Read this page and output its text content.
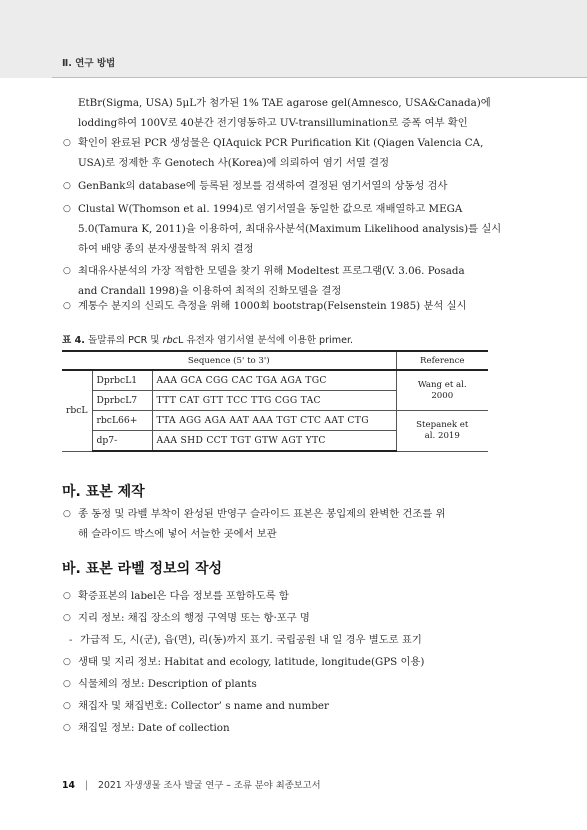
Ⅱ. 연구 방법
EtBr(Sigma, USA) 5μL가 첨가된 1% TAE agarose gel(Amnesco, USA&Canada)에
lodding하여 100V로 40분간 전기영동하고 UV-transillumination로 증폭 여부 확인
○ 확인이 완료된 PCR 생성물은 QIAquick PCR Purification Kit (Qiagen Valencia CA,
USA)로 정제한 후 Genotech 사(Korea)에 의뢰하여 염기 서열 결정
○ GenBank의 database에 등록된 정보를 검색하여 결정된 염기서열의 상동성 검사
○ Clustal W(Thomson et al. 1994)로 염기서열을 동일한 값으로 재배열하고 MEGA
5.0(Tamura K, 2011)을 이용하여, 최대유사분석(Maximum Likelihood analysis)를 실시
하여 배양 종의 분자생물학적 위치 결정
○ 최대유사분석의 가장 적합한 모델을 찾기 위해 Modeltest 프로그램(V. 3.06. Posada
and Crandall 1998)을 이용하여 최적의 진화모델을 결정
○ 계통수 분지의 신뢰도 측정을 위해 1000회 bootstrap(Felsenstein 1985) 분석 실시
표 4. 돌말류의 PCR 및 rbcL 유전자 염기서열 분석에 이용한 primer.
Sequence (5' to 3')			Reference
rbcL	DprbcL1	AAA GCA CGG CAC TGA AGA TGC	Wang et al.
2000

	DprbcL7	TTT CAT GTT TCC TTG CGG TAC	
	rbcL66+	TTA AGG AGA AAT AAA TGT CTC AAT CTG	Stepanek et
al. 2019

	dp7-	AAA SHD CCT TGT GTW AGT YTC	
마. 표본 제작
○ 종 동정 및 라벨 부착이 완성된 반영구 슬라이드 표본은 봉입제의 완벽한 건조를 위
해 슬라이드 박스에 넣어 서늘한 곳에서 보관
바. 표본 라벨 정보의 작성
○ 확증표본의 label은 다음 정보를 포함하도록 함
○ 지리 정보: 채집 장소의 행정 구역명 또는 항·포구 명
- 가급적 도, 시(군), 읍(면), 리(동)까지 표기. 국립공원 내 일 경우 별도로 표기
○ 생태 및 지리 정보: Habitat and ecology, latitude, longitude(GPS 이용)
○ 식물체의 정보: Description of plants
○ 채집자 및 채집번호: Collector’ s name and number
○ 채집일 정보: Date of collection
14 | 2021 자생생물 조사 발굴 연구 – 조류 분야 최종보고서
